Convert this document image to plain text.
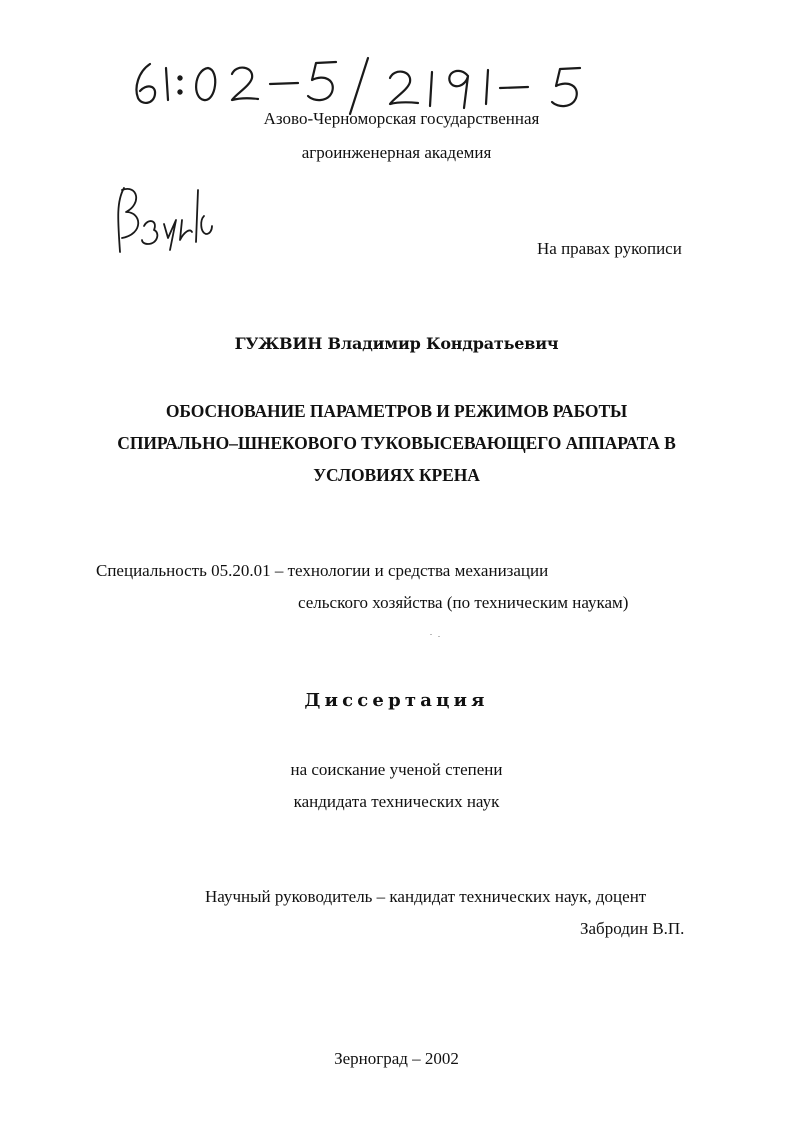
Азово-Черноморская государственная
агроинженерная академия
На правах рукописи
ГУЖВИН Владимир Кондратьевич
ОБОСНОВАНИЕ ПАРАМЕТРОВ И РЕЖИМОВ РАБОТЫ
СПИРАЛЬНО–ШНЕКОВОГО ТУКОВЫСЕВАЮЩЕГО АППАРАТА В
УСЛОВИЯХ КРЕНА
Специальность 05.20.01 – технологии и средства механизации
сельского хозяйства (по техническим наукам)
Диссертация
на соискание ученой степени
кандидата технических наук
Научный руководитель – кандидат технических наук, доцент
Забродин В.П.
Зерноград – 2002
